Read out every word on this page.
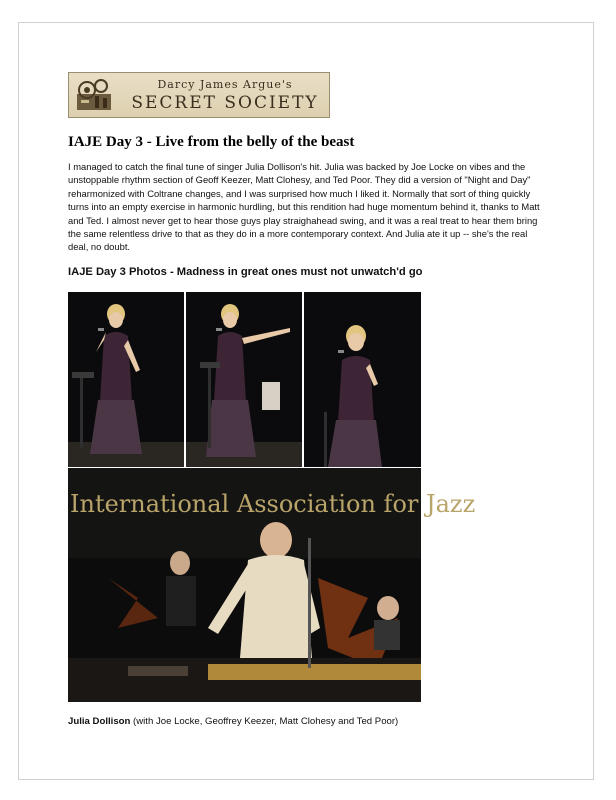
Darcy James Argue's
SECRET SOCIETY
IAJE Day 3 - Live from the belly of the beast
I managed to catch the final tune of singer Julia Dollison's hit. Julia was backed by Joe Locke on vibes and the unstoppable rhythm section of Geoff Keezer, Matt Clohesy, and Ted Poor. They did a version of "Night and Day" reharmonized with Coltrane changes, and I was surprised how much I liked it. Normally that sort of thing quickly turns into an empty exercise in harmonic hurdling, but this rendition had huge momentum behind it, thanks to Matt and Ted. I almost never get to hear those guys play straighahead swing, and it was a real treat to hear them bring the same relentless drive to that as they do in a more contemporary context. And Julia ate it up -- she's the real deal, no doubt.
IAJE Day 3 Photos - Madness in great ones must not unwatch'd go
International Association for Jazz
Julia Dollison (with Joe Locke, Geoffrey Keezer, Matt Clohesy and Ted Poor)
